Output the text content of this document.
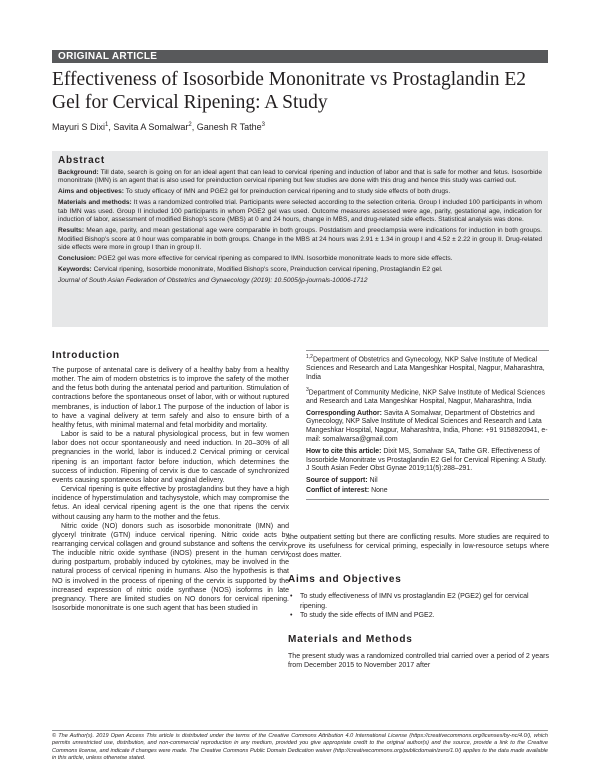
ORIGINAL ARTICLE
Effectiveness of Isosorbide Mononitrate vs Prostaglandin E2 Gel for Cervical Ripening: A Study
Mayuri S Dixi$^1$, Savita A Somalwar$^2$, Ganesh R Tathe$^3$
Abstract

Background: Till date, search is going on for an ideal agent that can lead to cervical ripening and induction of labor and that is safe for mother and fetus. Isosorbide mononitrate (IMN) is an agent that is also used for preinduction cervical ripening but few studies are done with this drug and hence this study was carried out.

Aims and objectives: To study efficacy of IMN and PGE2 gel for preinduction cervical ripening and to study side effects of both drugs.

Materials and methods: It was a randomized controlled trial. Participants were selected according to the selection criteria. Group I included 100 participants in whom tab IMN was used. Group II included 100 participants in whom PGE2 gel was used. Outcome measures assessed were age, parity, gestational age, indication for induction of labor, assessment of modified Bishop's score (MBS) at 0 and 24 hours, change in MBS, and drug-related side effects. Statistical analysis was done.

Results: Mean age, parity, and mean gestational age were comparable in both groups. Postdatism and preeclampsia were indications for induction in both groups. Modified Bishop's score at 0 hour was comparable in both groups. Change in the MBS at 24 hours was 2.91 ± 1.34 in group I and 4.52 ± 2.22 in group II. Drug-related side effects were more in group I than in group II.

Conclusion: PGE2 gel was more effective for cervical ripening as compared to IMN. Isosorbide mononitrate leads to more side effects.

Keywords: Cervical ripening, Isosorbide mononitrate, Modified Bishop's score, Preinduction cervical ripening, Prostaglandin E2 gel.

Journal of South Asian Federation of Obstetrics and Gynaecology (2019): 10.5005/jp-journals-10006-1712

Introduction

The purpose of antenatal care is delivery of a healthy baby from a healthy mother. The aim of modern obstetrics is to improve the safety of the mother and the fetus both during the antenatal period and parturition. Stimulation of contractions before the spontaneous onset of labor, with or without ruptured membranes, is induction of labor.1 The purpose of the induction of labor is to have a vaginal delivery at term safely and also to ensure birth of a healthy fetus, with minimal maternal and fetal morbidity and mortality.

Labor is said to be a natural physiological process, but in few women labor does not occur spontaneously and need induction. In 20–30% of all pregnancies in the world, labor is induced.2 Cervical priming or cervical ripening is an important factor before induction, which determines the success of induction. Ripening of cervix is due to cascade of synchronized events causing spontaneous labor and vaginal delivery.

Cervical ripening is quite effective by prostaglandins but they have a high incidence of hyperstimulation and tachysystole, which may compromise the fetus. An ideal cervical ripening agent is the one that ripens the cervix without causing any harm to the mother and the fetus.

Nitric oxide (NO) donors such as isosorbide mononitrate (IMN) and glyceryl trinitrate (GTN) induce cervical ripening. Nitric oxide acts by rearranging cervical collagen and ground substance and softens the cervix. The inducible nitric oxide synthase (iNOS) present in the human cervix during postpartum, probably induced by cytokines, may be involved in the natural process of cervical ripening in humans. Also the hypothesis is that NO is involved in the process of ripening of the cervix is supported by the increased expression of nitric oxide synthase (NOS) isoforms in late pregnancy. There are limited studies on NO donors for cervical ripening. Isosorbide mononitrate is one such agent that has been studied in

$^{1,2}$Department of Obstetrics and Gynecology, NKP Salve Institute of Medical Sciences and Research and Lata Mangeshkar Hospital, Nagpur, Maharashtra, India

$^3$Department of Community Medicine, NKP Salve Institute of Medical Sciences and Research and Lata Mangeshkar Hospital, Nagpur, Maharashtra, India

Corresponding Author: Savita A Somalwar, Department of Obstetrics and Gynecology, NKP Salve Institute of Medical Sciences and Research and Lata Mangeshkar Hospital, Nagpur, Maharashtra, India, Phone: +91 9158920941, e-mail: somalwarsa@gmail.com

How to cite this article: Dixit MS, Somalwar SA, Tathe GR. Effectiveness of Isosorbide Mononitrate vs Prostaglandin E2 Gel for Cervical Ripening: A Study. J South Asian Feder Obst Gynae 2019;11(5):288–291.

Source of support: Nil

Conflict of interest: None

the outpatient setting but there are conflicting results. More studies are required to prove its usefulness for cervical priming, especially in low-resource setups where cost does matter.

Aims and Objectives
• To study effectiveness of IMN vs prostaglandin E2 (PGE2) gel for cervical ripening.
• To study the side effects of IMN and PGE2.
Materials and Methods

The present study was a randomized controlled trial carried over a period of 2 years from December 2015 to November 2017 after

© The Author(s). 2019 Open Access This article is distributed under the terms of the Creative Commons Attribution 4.0 International License (https://creativecommons.org/licenses/by-nc/4.0/), which permits unrestricted use, distribution, and non-commercial reproduction in any medium, provided you give appropriate credit to the original author(s) and the source, provide a link to the Creative Commons license, and indicate if changes were made. The Creative Commons Public Domain Dedication waiver (http://creativecommons.org/publicdomain/zero/1.0/) applies to the data made available in this article, unless otherwise stated.
